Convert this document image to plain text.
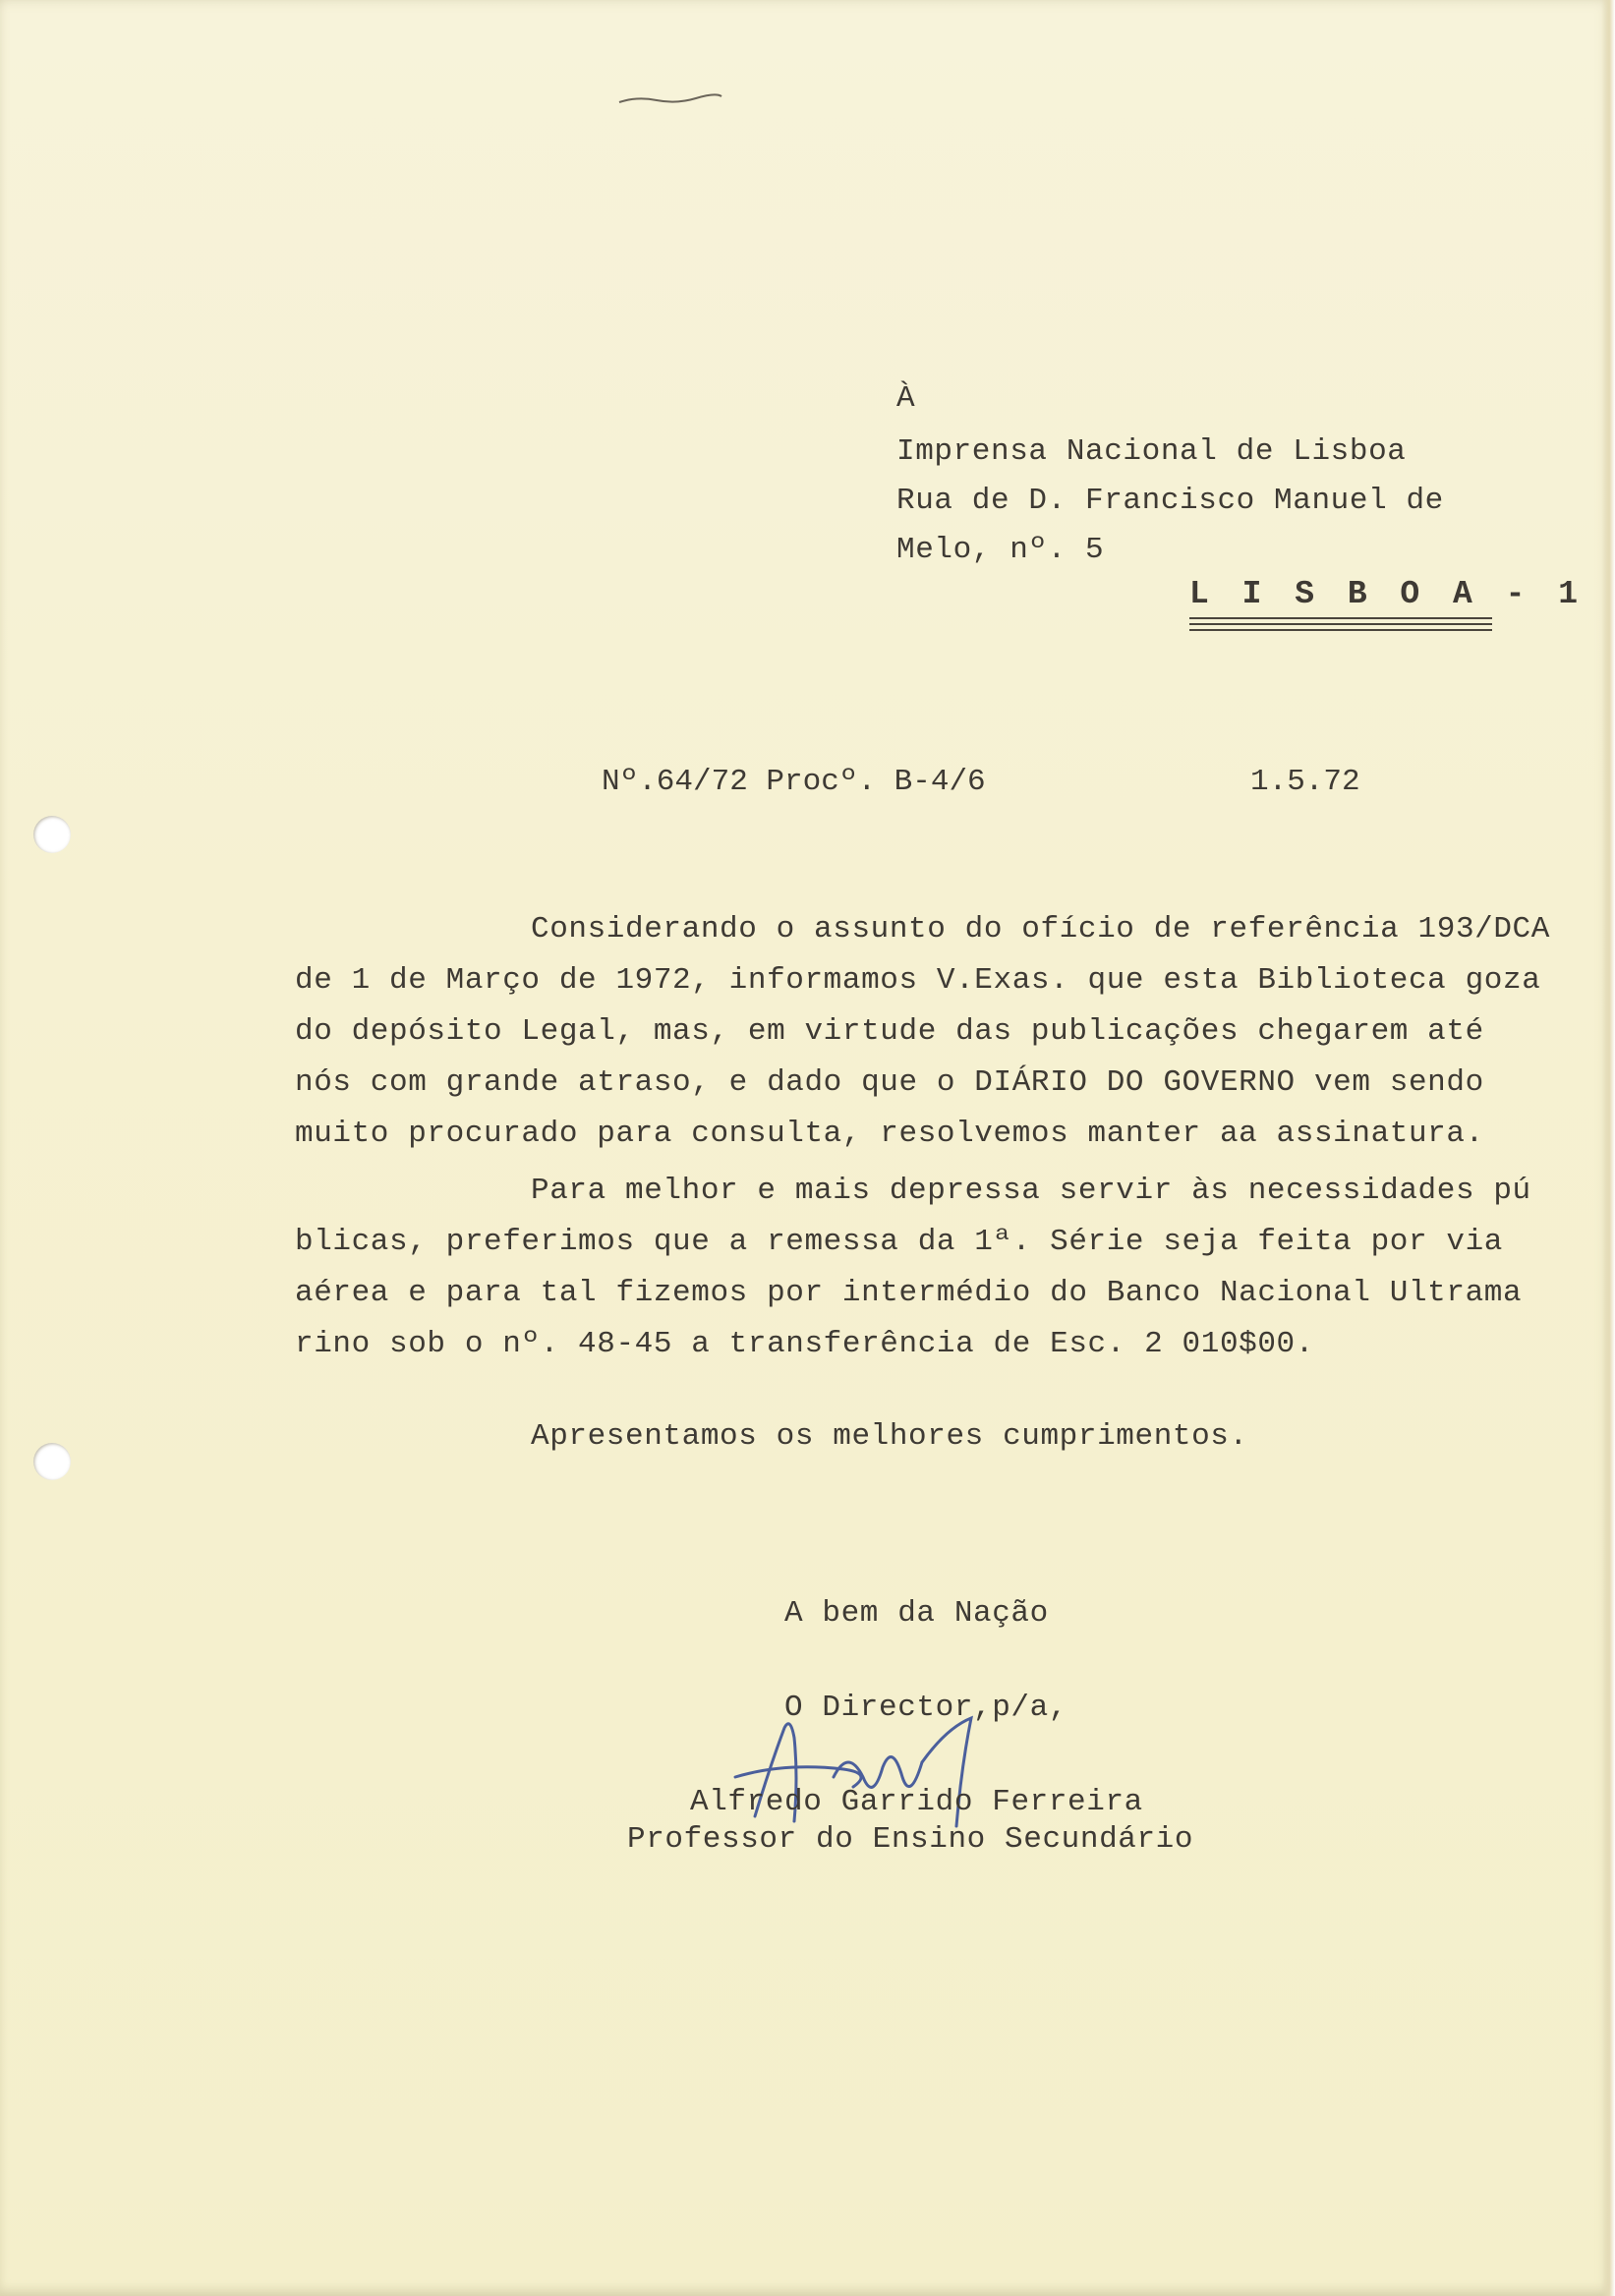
À
Imprensa Nacional de Lisboa
Rua de D. Francisco Manuel de
Melo, nº. 5
L I S B O A - 1
Nº.64/72 Procº. B-4/6	1.5.72
Considerando o assunto do ofício de referência 193/DCA
de 1 de Março de 1972, informamos V.Exas. que esta Biblioteca goza
do depósito Legal, mas, em virtude das publicações chegarem até
nós com grande atraso, e dado que o DIÁRIO DO GOVERNO vem sendo
muito procurado para consulta, resolvemos manter aa assinatura.
Para melhor e mais depressa servir às necessidades pú
blicas, preferimos que a remessa da 1ª. Série seja feita por via
aérea e para tal fizemos por intermédio do Banco Nacional Ultrama
rino sob o nº. 48-45 a transferência de Esc. 2 010$00.
Apresentamos os melhores cumprimentos.
A bem da Nação
O Director,p/a,
Alfredo Garrido Ferreira
Professor do Ensino Secundário
